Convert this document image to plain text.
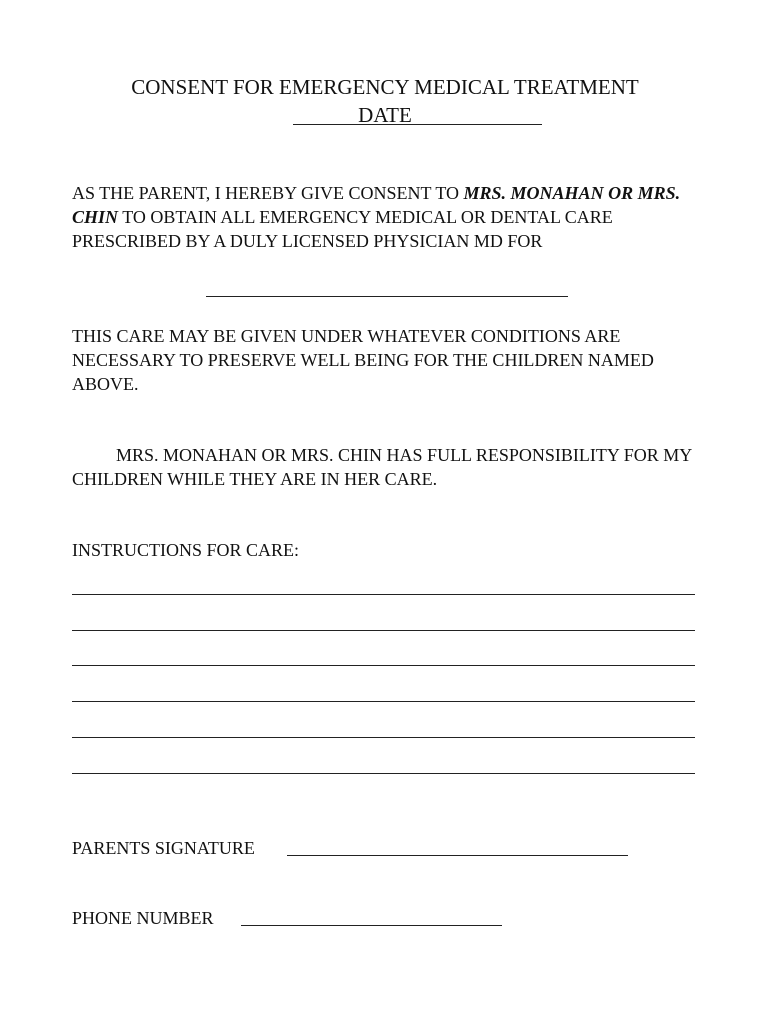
CONSENT FOR EMERGENCY MEDICAL TREATMENT
DATE

AS THE PARENT, I HEREBY GIVE CONSENT TO MRS. MONAHAN OR MRS. CHIN TO OBTAIN ALL EMERGENCY MEDICAL OR DENTAL CARE PRESCRIBED BY A DULY LICENSED PHYSICIAN MD FOR

THIS CARE MAY BE GIVEN UNDER WHATEVER CONDITIONS ARE NECESSARY TO PRESERVE WELL BEING FOR THE CHILDREN NAMED ABOVE.

MRS. MONAHAN OR MRS. CHIN HAS FULL RESPONSIBILITY FOR MY CHILDREN WHILE THEY ARE IN HER CARE.

INSTRUCTIONS FOR CARE:
PARENTS SIGNATURE
PHONE NUMBER
